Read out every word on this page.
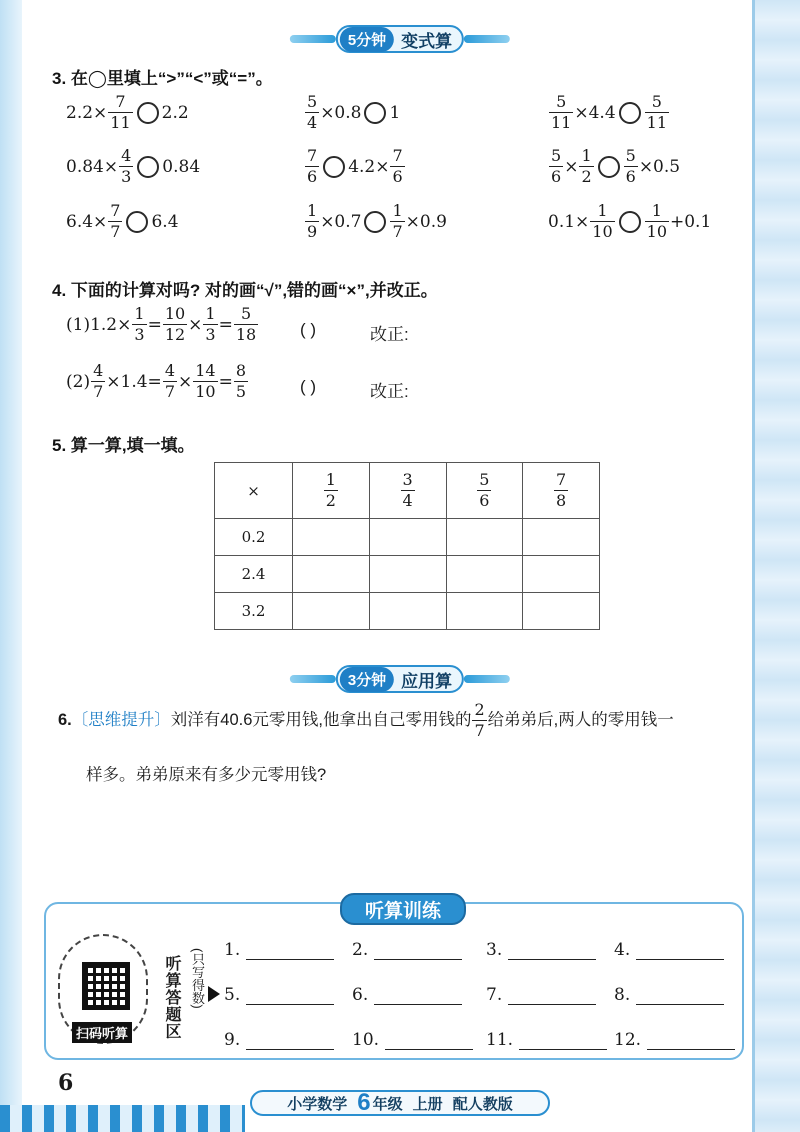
5分钟 变式算
3. 在◯里填上“>”“<”或“=”。
$2.2\times \frac{7}{11} 2.2$	$\frac{5}{4} \times 0.8$ 1	$\frac{5}{11} \times 4.4 \frac{5}{11}$
$0.84\times \frac{4}{3} 0.84$	$\frac{7}{6} 4.2\times \frac{7}{6}$	$\frac{5}{6} \times \frac{1}{2} \frac{5}{6} \times 0.5$
$6.4\times \frac{7}{7} 6.4$	$\frac{1}{9} \times 0.7 \frac{1}{7} \times 0.9$	$0.1\times \frac{1}{10} \frac{1}{10} +0.1$
4. 下面的计算对吗? 对的画“√”,错的画“×”,并改正。
$(1)1.2\times \frac{1}{3} = \frac{10}{12} \times \frac{1}{3} = \frac{5}{18}$ ( )	改正:
$(2) \frac{4}{7} \times 1.4= \frac{4}{7} \times \frac{14}{10} = \frac{8}{5}$	( )	改正:
5. 算一算,填一填。
×	$\frac{1}{2}$	$\frac{3}{4}$	$\frac{5}{6}$	$\frac{7}{8}$

0.2				
2.4				
3.2				
3分钟 应用算
6. 〔思维提升〕 刘洋有40.6元零用钱,他拿出自己零用钱的 $\frac{2}{7}$ 给弟弟后,两人的零用钱一
样多。弟弟原来有多少元零用钱?
听算训练
扫码听算 听算答题区 (只写得数) 1.	2.	3.	4.
5.	6.	7.	8.
9.	10.	11.	12.
6
小学数学 6 年级 上册 配人教版
